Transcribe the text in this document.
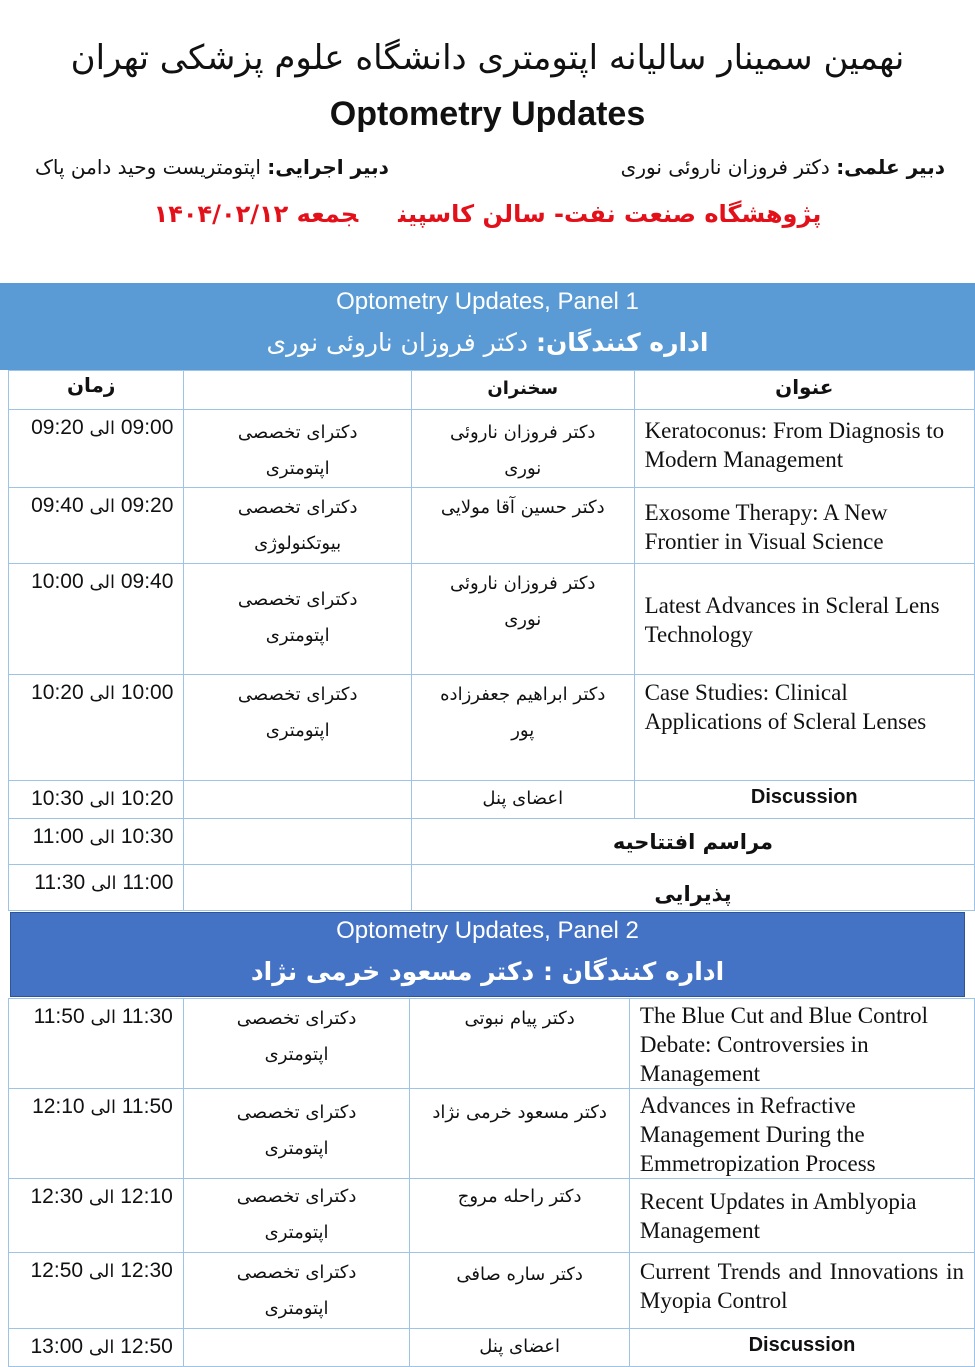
نهمین سمینار سالیانه اپتومتری دانشگاه علوم پزشکی تهران
Optometry Updates
دبیر علمی: دکتر فروزان ناروئی نوری
دبیر اجرایی: اپتومتریست وحید دامن پاک
پژوهشگاه صنعت نفت- سالن کاسپینجمعه ۱۴۰۴/۰۲/۱۲
Optometry Updates, Panel 1
اداره کنندگان: دکتر فروزان ناروئی نوری
عنوان	سخنران		زمان
Keratoconus: From Diagnosis to Modern Management	دکتر فروزان ناروئی نوری	دکترای تخصصی اپتومتری	09:20 الی 09:00
Exosome Therapy: A New Frontier in Visual Science	دکتر حسین آقا مولایی	دکترای تخصصی بیوتکنولوژی	09:40 الی 09:20
Latest Advances in Scleral Lens Technology	دکتر فروزان ناروئی نوری	دکترای تخصصی اپتومتری	10:00 الی 09:40
Case Studies: Clinical Applications of Scleral Lenses	دکتر ابراهیم جعفرزاده پور	دکترای تخصصی اپتومتری	10:20 الی 10:00
Discussion	اعضای پنل		10:30 الی 10:20
مراسم افتتاحیه			11:00 الی 10:30
پذیرایی			11:30 الی 11:00
Optometry Updates, Panel 2
اداره کنندگان : دکتر مسعود خرمی نژاد
The Blue Cut and Blue Control Debate: Controversies in Management	دکتر پیام نبوتی	دکترای تخصصی اپتومتری	11:50 الی 11:30
Advances in Refractive Management During the Emmetropization Process	دکتر مسعود خرمی نژاد	دکترای تخصصی اپتومتری	12:10 الی 11:50
Recent Updates in Amblyopia Management	دکتر راحله مروج	دکترای تخصصی اپتومتری	12:30 الی 12:10
Current Trends and Innovations in Myopia Control	دکتر ساره صافی	دکترای تخصصی اپتومتری	12:50 الی 12:30
Discussion	اعضای پنل		13:00 الی 12:50
